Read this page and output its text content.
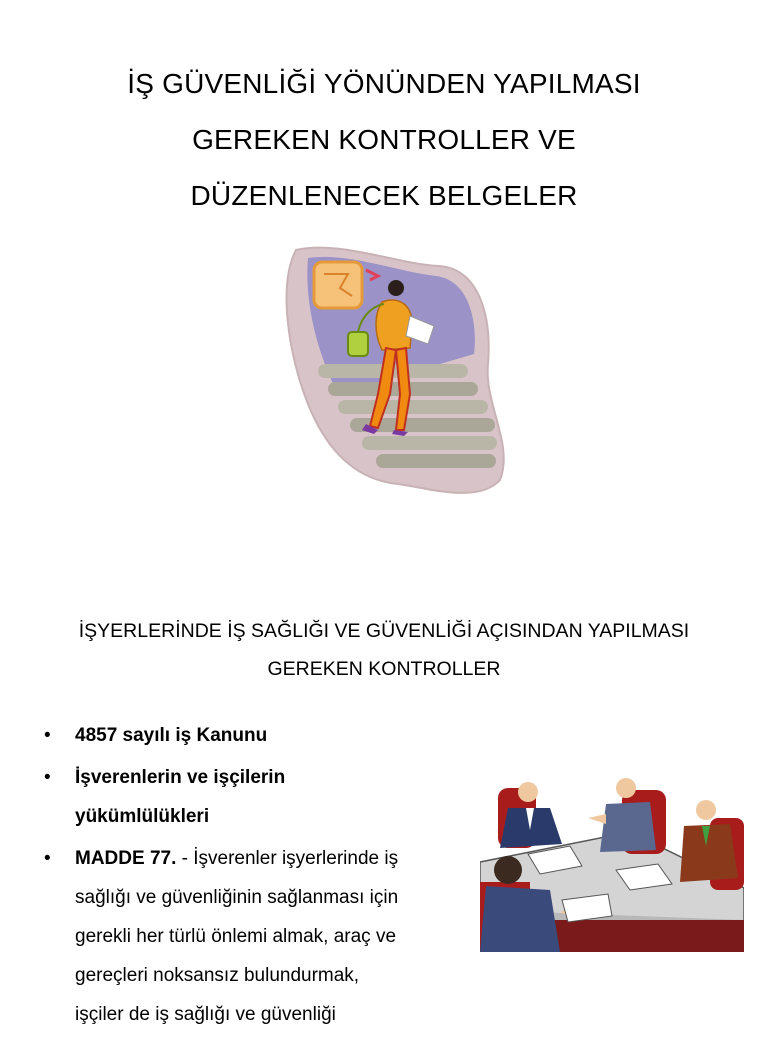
İŞ GÜVENLİĞİ YÖNÜNDEN YAPILMASI
GEREKEN KONTROLLER VE
DÜZENLENECEK BELGELER
İŞYERLERİNDE İŞ SAĞLIĞI VE GÜVENLİĞİ AÇISINDAN YAPILMASI
GEREKEN KONTROLLER
• 4857 sayılı iş Kanunu
• İşverenlerin ve işçilerin
yükümlülükleri
• MADDE 77. - İşverenler işyerlerinde iş
sağlığı ve güvenliğinin sağlanması için
gerekli her türlü önlemi almak, araç ve
gereçleri noksansız bulundurmak,
işçiler de iş sağlığı ve güvenliği
